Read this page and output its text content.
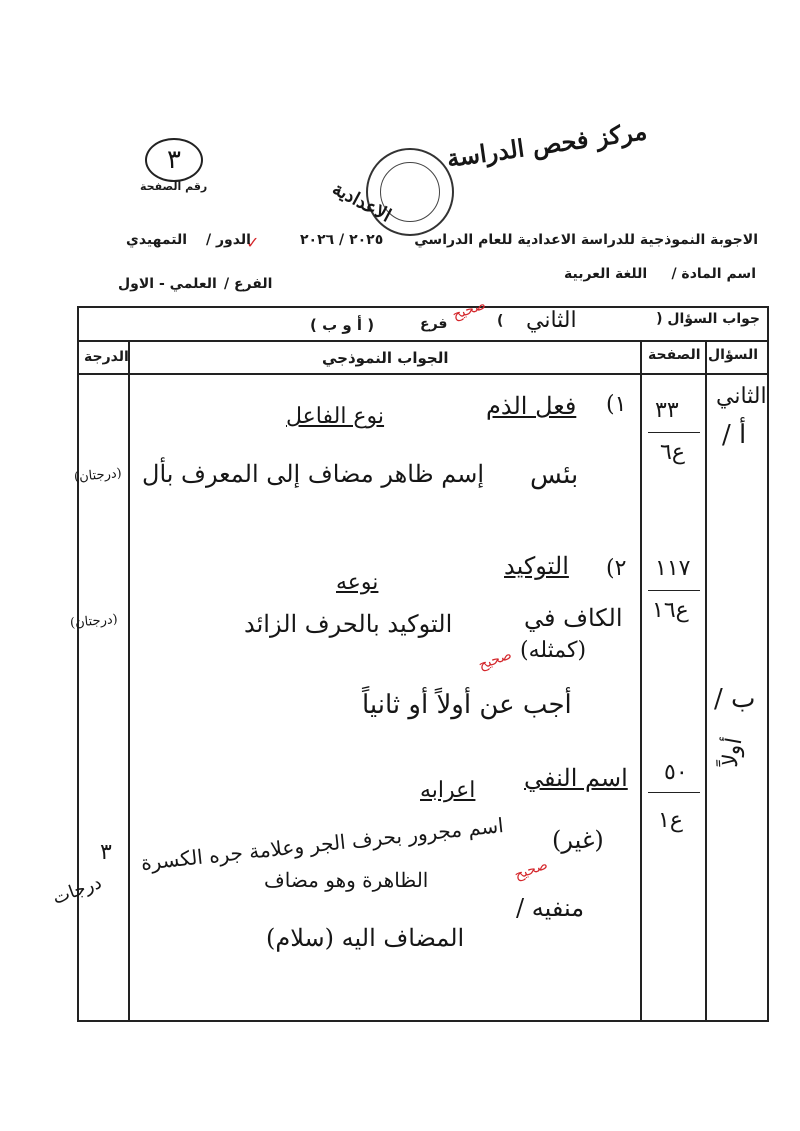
مركز فحص الدراسة
الاعدادية
٣
رقم الصفحة
الاجوبة النموذجية للدراسة الاعدادية للعام الدراسي
٢٠٢٥ / ٢٠٢٦
✓
الدور /
التمهيدي
اسم المادة /
اللغة العربية
الفرع /
العلمي - الاول
جواب السؤال (
الثاني
)
صحيح
فرع
( أ و ب )
السؤال
الصفحة
الجواب النموذجي
الدرجة
الثاني
أ /
٣٣
ع٦
١)
فعل الذم
نوع الفاعل
بئس
إسم ظاهر مضاف إلى المعرف بأل
(درجتان)
١١٧
ع١٦
٢)
التوكيد
نوعه
الكاف في
(كمثله)
التوكيد بالحرف الزائد
صحيح
(درجتان)
ب /
أجب عن أولاً أو ثانياً
أولاً
٥٠
ع١
اسم النفي
اعرابه
(غير)
اسم مجرور بحرف الجر وعلامة جره الكسرة
الظاهرة وهو مضاف	صحيح
منفيه /
المضاف اليه (سلام)
٣
درجات
